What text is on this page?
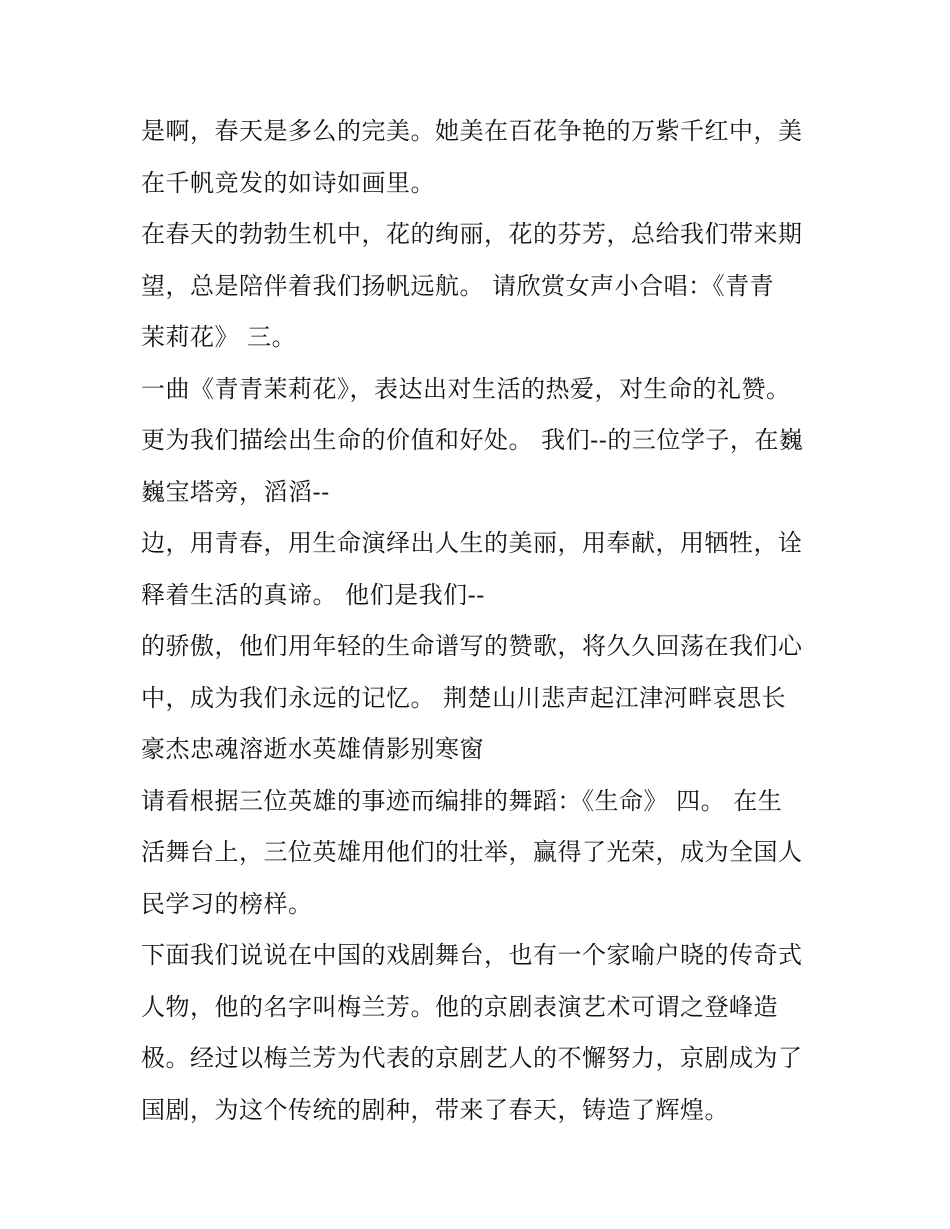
是啊，春天是多么的完美。她美在百花争艳的万紫千红中，美
在千帆竞发的如诗如画里。
在春天的勃勃生机中，花的绚丽，花的芬芳，总给我们带来期
望，总是陪伴着我们扬帆远航。 请欣赏女声小合唱：《青青
茉莉花》 三。
一曲《青青茉莉花》，表达出对生活的热爱，对生命的礼赞。
更为我们描绘出生命的价值和好处。 我们--的三位学子，在巍
巍宝塔旁，滔滔--
边，用青春，用生命演绎出人生的美丽，用奉献，用牺牲，诠
释着生活的真谛。 他们是我们--
的骄傲，他们用年轻的生命谱写的赞歌，将久久回荡在我们心
中，成为我们永远的记忆。 荆楚山川悲声起江津河畔哀思长
豪杰忠魂溶逝水英雄倩影别寒窗
请看根据三位英雄的事迹而编排的舞蹈：《生命》 四。 在生
活舞台上，三位英雄用他们的壮举，赢得了光荣，成为全国人
民学习的榜样。
下面我们说说在中国的戏剧舞台，也有一个家喻户晓的传奇式
人物，他的名字叫梅兰芳。他的京剧表演艺术可谓之登峰造
极。经过以梅兰芳为代表的京剧艺人的不懈努力，京剧成为了
国剧，为这个传统的剧种，带来了春天，铸造了辉煌。
